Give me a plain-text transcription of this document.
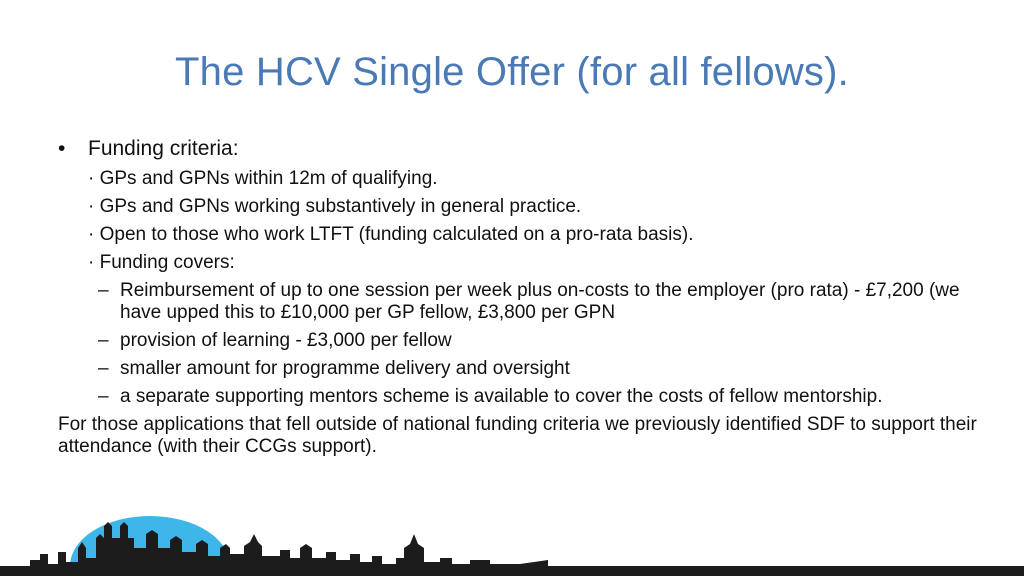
The HCV Single Offer (for all fellows).
• Funding criteria:
· GPs and GPNs within 12m of qualifying.
· GPs and GPNs working substantively in general practice.
· Open to those who work LTFT (funding calculated on a pro-rata basis).
· Funding covers:
– Reimbursement of up to one session per week plus on-costs to the employer (pro rata) - £7,200 (we have upped this to £10,000 per GP fellow, £3,800 per GPN
– provision of learning - £3,000 per fellow
– smaller amount for programme delivery and oversight
– a separate supporting mentors scheme is available to cover the costs of fellow mentorship.
For those applications that fell outside of national funding criteria we previously identified SDF to support their attendance (with their CCGs support).
